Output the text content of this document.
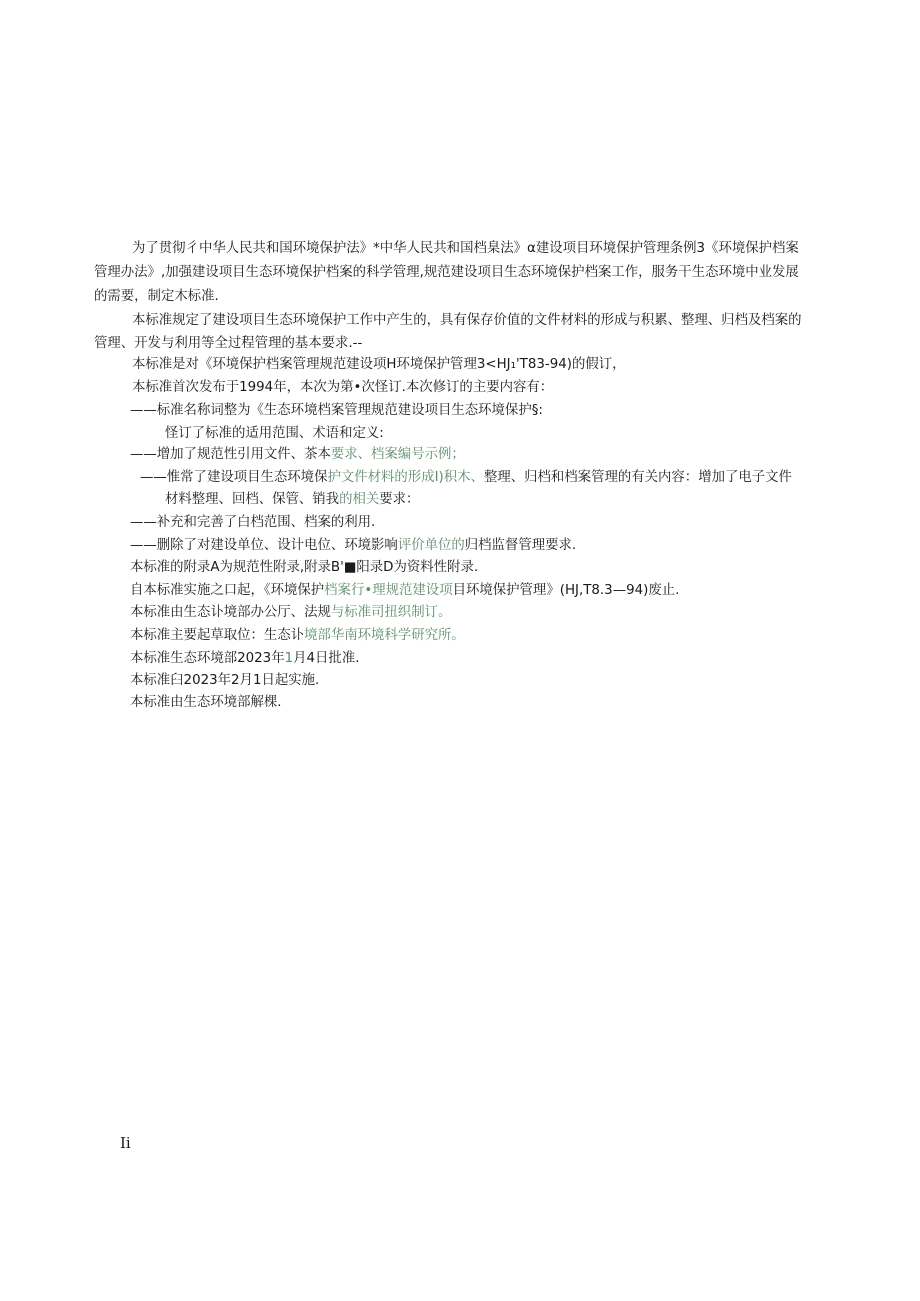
为了贯彻彳中华人民共和国环境保护法》*中华人民共和国档臬法》α建设项目环境保护管理条例3《环境保护档案
管理办法》,加强建设项目生态环境保护档案的科学管理,规范建设项目生态环境保护档案工作，服务干生态环境中业发展
的需要，制定木标准.
本标准规定了建设项目生态环境保护工作中产生的，具有保存价值的文件材料的形成与积累、整理、归档及档案的
管理、开发与利用等全过程管理的基本要求.--
本标准是对《环境保护档案管理规范建设项H环境保护管理3<HJ₁'T83-94)的假订，
本标准首次发布于1994年，本次为第•次怪订.本次修订的主要内容有：
——标准名称词整为《生态环境档案管理规范建设项目生态环境保护§:
怪订了标准的适用范围、术语和定义:
——增加了规范性引用文件、茶本要求、档案编号示例；
——惟常了建设项目生态环境保护文件材料的形成I)积木、整理、归档和档案管理的有关内容：增加了电子文件
材料整理、回档、保管、销我的相关要求：
——补充和完善了白档范围、档案的利用.
——删除了对建设单位、设计电位、环境影响评价单位的归档监督管理要求.
本标准的附录A为规范性附录,附录B'■阳录D为资料性附录.
自本标准实施之口起，《环境保护档案行•理规范建设项目环境保护管理》(HJ,T8.3—94)废止.
本标准由生态讣境部办公厅、法规与标准司扭织制订。
本标准主要起草取位：生态讣境部华南环境科学研究所。
本标准生态环境部2023年1月4日批准.
本标准臼2023年2月1日起实施.
本标准由生态环境部解棵.
Ii
